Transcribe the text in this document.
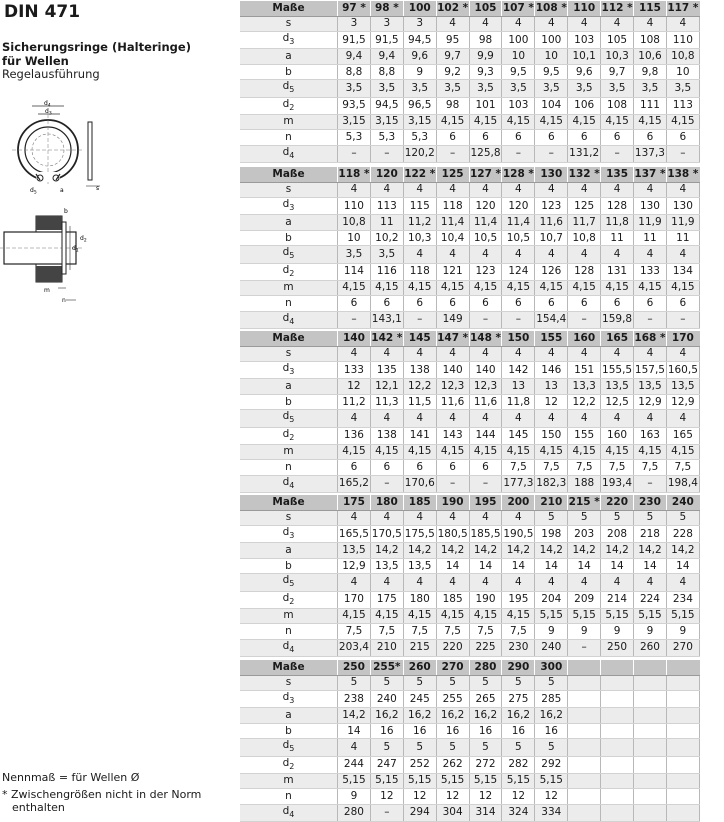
DIN 471
Sicherungsringe (Halteringe)
für Wellen
Regelausführung
$d_4$
$d_3$
s
$d_5$	a
$d_1$
$d_2$
m
n
b
Nennmaß = für Wellen Ø
* Zwischengrößen nicht in der Norm
enthalten
Maße	97 *	98 *	100	102 *	105	107 *	108 *	110	112 *	115	117 *
s	3	3	3	4	4	4	4	4	4	4	4
$d_3$	91,5	91,5	94,5	95	98	100	100	103	105	108	110
a	9,4	9,4	9,6	9,7	9,9	10	10	10,1	10,3	10,6	10,8
b	8,8	8,8	9	9,2	9,3	9,5	9,5	9,6	9,7	9,8	10
$d_5$	3,5	3,5	3,5	3,5	3,5	3,5	3,5	3,5	3,5	3,5	3,5
$d_2$	93,5	94,5	96,5	98	101	103	104	106	108	111	113
m	3,15	3,15	3,15	4,15	4,15	4,15	4,15	4,15	4,15	4,15	4,15
n	5,3	5,3	5,3	6	6	6	6	6	6	6	6
$d_4$	–	–	120,2	–	125,8	–	–	131,2	–	137,3	–
Maße	118 *	120	122 *	125	127 *	128 *	130	132 *	135	137 *	138 *
s	4	4	4	4	4	4	4	4	4	4	4
$d_3$	110	113	115	118	120	120	123	125	128	130	130
a	10,8	11	11,2	11,4	11,4	11,4	11,6	11,7	11,8	11,9	11,9
b	10	10,2	10,3	10,4	10,5	10,5	10,7	10,8	11	11	11
$d_5$	3,5	3,5	4	4	4	4	4	4	4	4	4
$d_2$	114	116	118	121	123	124	126	128	131	133	134
m	4,15	4,15	4,15	4,15	4,15	4,15	4,15	4,15	4,15	4,15	4,15
n	6	6	6	6	6	6	6	6	6	6	6
$d_4$	–	143,1	–	149	–	–	154,4	–	159,8	–	–
Maße	140	142 *	145	147 *	148 *	150	155	160	165	168 *	170
s	4	4	4	4	4	4	4	4	4	4	4
$d_3$	133	135	138	140	140	142	146	151	155,5	157,5	160,5
a	12	12,1	12,2	12,3	12,3	13	13	13,3	13,5	13,5	13,5
b	11,2	11,3	11,5	11,6	11,6	11,8	12	12,2	12,5	12,9	12,9
$d_5$	4	4	4	4	4	4	4	4	4	4	4
$d_2$	136	138	141	143	144	145	150	155	160	163	165
m	4,15	4,15	4,15	4,15	4,15	4,15	4,15	4,15	4,15	4,15	4,15
n	6	6	6	6	6	7,5	7,5	7,5	7,5	7,5	7,5
$d_4$	165,2	–	170,6	–	–	177,3	182,3	188	193,4	–	198,4
Maße	175	180	185	190	195	200	210	215 *	220	230	240
s	4	4	4	4	4	4	5	5	5	5	5
$d_3$	165,5	170,5	175,5	180,5	185,5	190,5	198	203	208	218	228
a	13,5	14,2	14,2	14,2	14,2	14,2	14,2	14,2	14,2	14,2	14,2
b	12,9	13,5	13,5	14	14	14	14	14	14	14	14
$d_5$	4	4	4	4	4	4	4	4	4	4	4
$d_2$	170	175	180	185	190	195	204	209	214	224	234
m	4,15	4,15	4,15	4,15	4,15	4,15	5,15	5,15	5,15	5,15	5,15
n	7,5	7,5	7,5	7,5	7,5	7,5	9	9	9	9	9
$d_4$	203,4	210	215	220	225	230	240	–	250	260	270
Maße	250	255*	260	270	280	290	300				
s	5	5	5	5	5	5	5				
$d_3$	238	240	245	255	265	275	285				
a	14,2	16,2	16,2	16,2	16,2	16,2	16,2				
b	14	16	16	16	16	16	16				
$d_5$	4	5	5	5	5	5	5				
$d_2$	244	247	252	262	272	282	292				
m	5,15	5,15	5,15	5,15	5,15	5,15	5,15				
n	9	12	12	12	12	12	12				
$d_4$	280	–	294	304	314	324	334				
